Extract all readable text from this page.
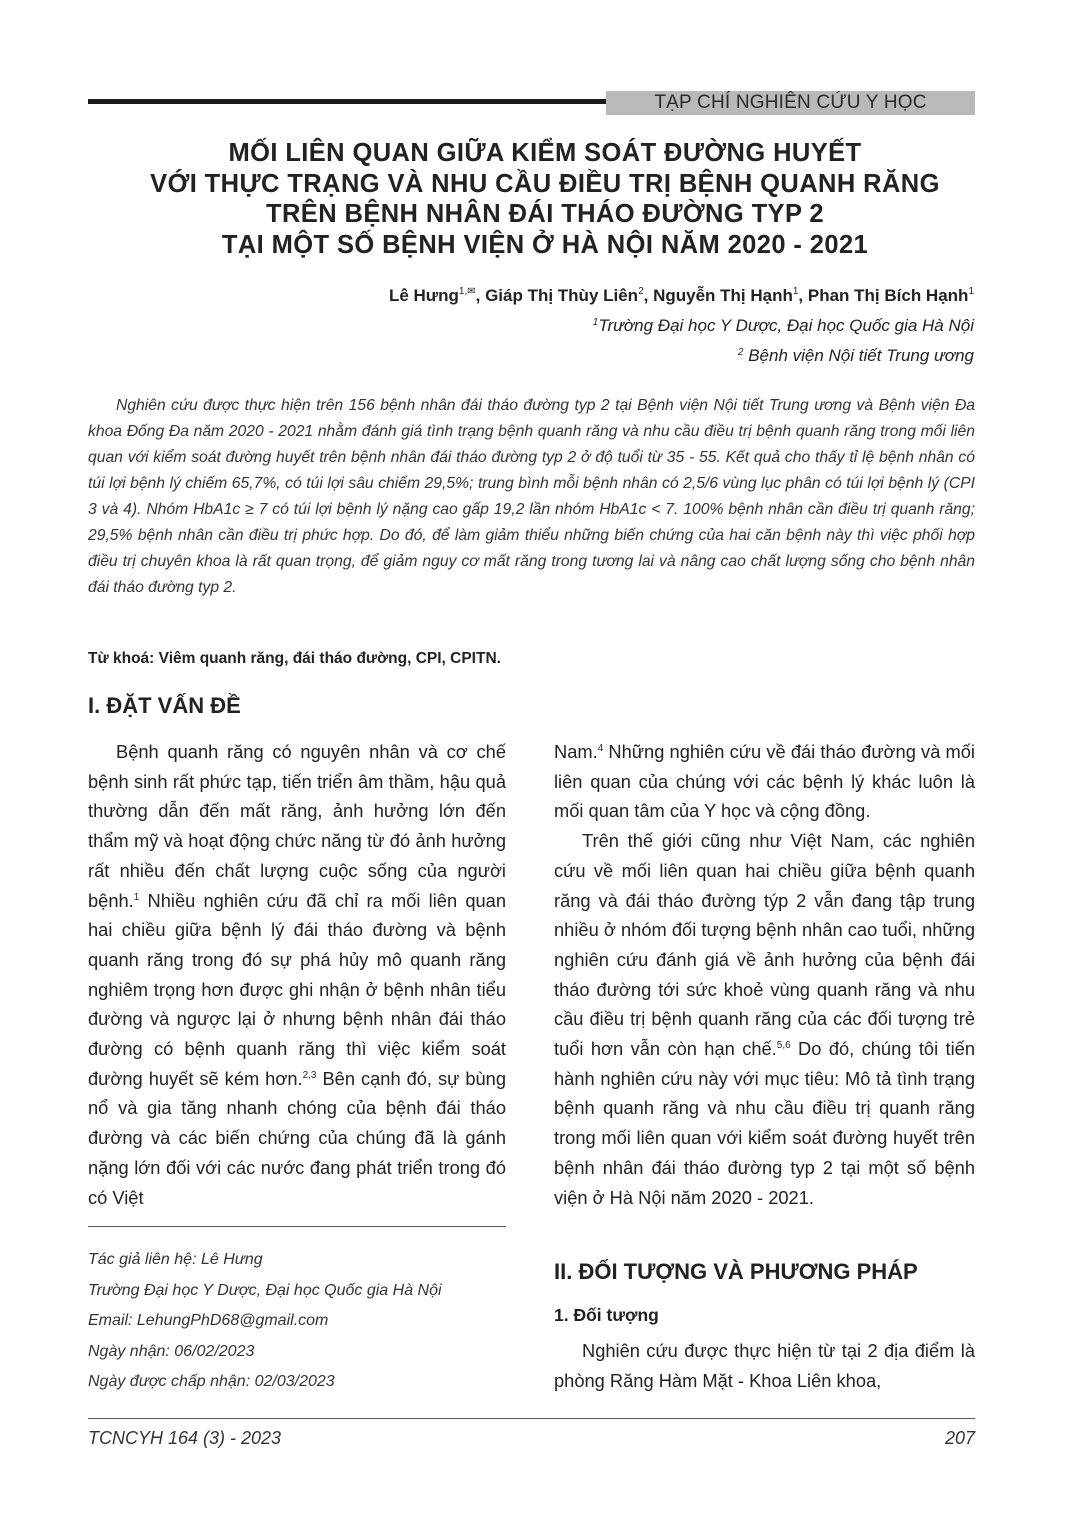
TẠP CHÍ NGHIÊN CỨU Y HỌC
MỐI LIÊN QUAN GIỮA KIỂM SOÁT ĐƯỜNG HUYẾT
VỚI THỰC TRẠNG VÀ NHU CẦU ĐIỀU TRỊ BỆNH QUANH RĂNG
TRÊN BỆNH NHÂN ĐÁI THÁO ĐƯỜNG TYP 2
TẠI MỘT SỐ BỆNH VIỆN Ở HÀ NỘI NĂM 2020 - 2021
Lê Hưng$^{1,✉}$, Giáp Thị Thùy Liên$^2$, Nguyễn Thị Hạnh$^1$, Phan Thị Bích Hạnh$^1$
$^1$Trường Đại học Y Dược, Đại học Quốc gia Hà Nội
$^2$ Bệnh viện Nội tiết Trung ương

Nghiên cứu được thực hiện trên 156 bệnh nhân đái tháo đường typ 2 tại Bệnh viện Nội tiết Trung ương và Bệnh viện Đa khoa Đống Đa năm 2020 - 2021 nhằm đánh giá tình trạng bệnh quanh răng và nhu cầu điều trị bệnh quanh răng trong mối liên quan với kiểm soát đường huyết trên bệnh nhân đái tháo đường typ 2 ở độ tuổi từ 35 - 55. Kết quả cho thấy tỉ lệ bệnh nhân có túi lợi bệnh lý chiếm 65,7%, có túi lợi sâu chiếm 29,5%; trung bình mỗi bệnh nhân có 2,5/6 vùng lục phân có túi lợi bệnh lý (CPI 3 và 4). Nhóm HbA1c ≥ 7 có túi lợi bệnh lý nặng cao gấp 19,2 lần nhóm HbA1c < 7. 100% bệnh nhân cần điều trị quanh răng; 29,5% bệnh nhân cần điều trị phức hợp. Do đó, để làm giảm thiểu những biến chứng của hai căn bệnh này thì việc phối hợp điều trị chuyên khoa là rất quan trọng, để giảm nguy cơ mất răng trong tương lai và nâng cao chất lượng sống cho bệnh nhân đái tháo đường typ 2.

Từ khoá: Viêm quanh răng, đái tháo đường, CPI, CPITN.
I. ĐẶT VẤN ĐỀ

Bệnh quanh răng có nguyên nhân và cơ chế bệnh sinh rất phức tạp, tiến triển âm thầm, hậu quả thường dẫn đến mất răng, ảnh hưởng lớn đến thẩm mỹ và hoạt động chức năng từ đó ảnh hưởng rất nhiều đến chất lượng cuộc sống của người bệnh.$^1$ Nhiều nghiên cứu đã chỉ ra mối liên quan hai chiều giữa bệnh lý đái tháo đường và bệnh quanh răng trong đó sự phá hủy mô quanh răng nghiêm trọng hơn được ghi nhận ở bệnh nhân tiểu đường và ngược lại ở nhưng bệnh nhân đái tháo đường có bệnh quanh răng thì việc kiểm soát đường huyết sẽ kém hơn.$^{2,3}$ Bên cạnh đó, sự bùng nổ và gia tăng nhanh chóng của bệnh đái tháo đường và các biến chứng của chúng đã là gánh nặng lớn đối với các nước đang phát triển trong đó có Việt

Tác giả liên hệ: Lê Hưng
Trường Đại học Y Dược, Đại học Quốc gia Hà Nội
Email: LehungPhD68@gmail.com
Ngày nhận: 06/02/2023
Ngày được chấp nhận: 02/03/2023

Nam.$^4$ Những nghiên cứu về đái tháo đường và mối liên quan của chúng với các bệnh lý khác luôn là mối quan tâm của Y học và cộng đồng.

Trên thế giới cũng như Việt Nam, các nghiên cứu về mối liên quan hai chiều giữa bệnh quanh răng và đái tháo đường týp 2 vẫn đang tập trung nhiều ở nhóm đối tượng bệnh nhân cao tuổi, những nghiên cứu đánh giá về ảnh hưởng của bệnh đái tháo đường tới sức khoẻ vùng quanh răng và nhu cầu điều trị bệnh quanh răng của các đối tượng trẻ tuổi hơn vẫn còn hạn chế.$^{5,6}$ Do đó, chúng tôi tiến hành nghiên cứu này với mục tiêu: Mô tả tình trạng bệnh quanh răng và nhu cầu điều trị quanh răng trong mối liên quan với kiểm soát đường huyết trên bệnh nhân đái tháo đường typ 2 tại một số bệnh viện ở Hà Nội năm 2020 - 2021.

II. ĐỐI TƯỢNG VÀ PHƯƠNG PHÁP
1. Đối tượng

Nghiên cứu được thực hiện từ tại 2 địa điểm là phòng Răng Hàm Mặt - Khoa Liên khoa,

TCNCYH 164 (3) - 2023	207
